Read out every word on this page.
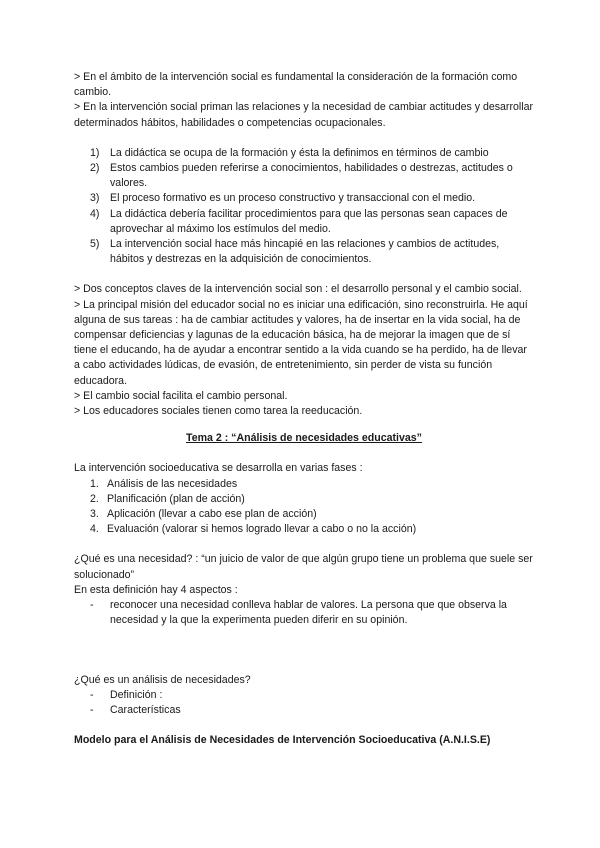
> En el ámbito de la intervención social es fundamental la consideración de la formación como cambio.

> En la intervención social priman las relaciones y la necesidad de cambiar actitudes y desarrollar determinados hábitos, habilidades o competencias ocupacionales.

1) La didáctica se ocupa de la formación y ésta la definimos en términos de cambio
2) Estos cambios pueden referirse a conocimientos, habilidades o destrezas, actitudes o valores.
3) El proceso formativo es un proceso constructivo y transaccional con el medio.
4) La didáctica debería facilitar procedimientos para que las personas sean capaces de aprovechar al máximo los estímulos del medio.
5) La intervención social hace más hincapié en las relaciones y cambios de actitudes, hábitos y destrezas en la adquisición de conocimientos.

> Dos conceptos claves de la intervención social son : el desarrollo personal y el cambio social.

> La principal misión del educador social no es iniciar una edificación, sino reconstruirla. He aquí alguna de sus tareas : ha de cambiar actitudes y valores, ha de insertar en la vida social, ha de compensar deficiencias y lagunas de la educación básica, ha de mejorar la imagen que de sí tiene el educando, ha de ayudar a encontrar sentido a la vida cuando se ha perdido, ha de llevar a cabo actividades lúdicas, de evasión, de entretenimiento, sin perder de vista su función educadora.

> El cambio social facilita el cambio personal.

> Los educadores sociales tienen como tarea la reeducación.

Tema 2 : “Análisis de necesidades educativas”

La intervención socioeducativa se desarrolla en varias fases :

1. Análisis de las necesidades
2. Planificación (plan de acción)
3. Aplicación (llevar a cabo ese plan de acción)
4. Evaluación (valorar si hemos logrado llevar a cabo o no la acción)

¿Qué es una necesidad? : “un juicio de valor de que algún grupo tiene un problema que suele ser solucionado”

En esta definición hay 4 aspectos :

- reconocer una necesidad conlleva hablar de valores. La persona que que observa la necesidad y la que la experimenta pueden diferir en su opinión.

¿Qué es un análisis de necesidades?

- Definición :
- Características

Modelo para el Análisis de Necesidades de Intervención Socioeducativa (A.N.I.S.E)
